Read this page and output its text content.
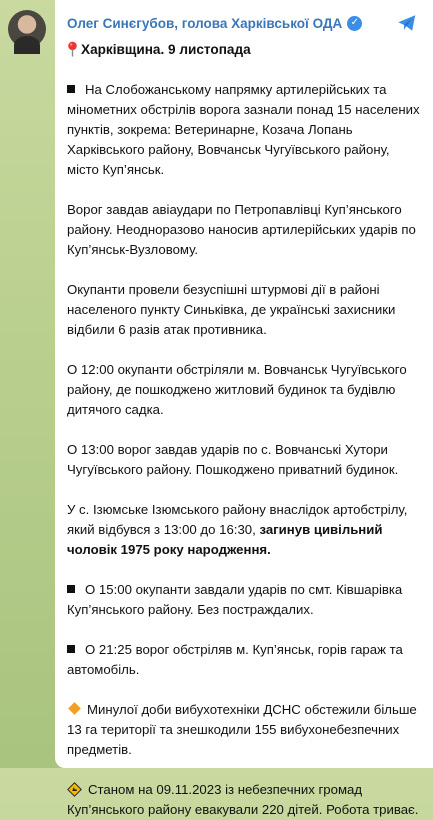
Олег Синєгубов, голова Харківської ОДА ✓
Харківщина. 9 листопада

На Слобожанському напрямку артилерійських та мінометних обстрілів ворога зазнали понад 15 населених пунктів, зокрема: Ветеринарне, Козача Лопань Харківського району, Вовчанськ Чугуївського району, місто Куп’янськ.

Ворог завдав авіаудари по Петропавлівці Куп’янського району. Неодноразово наносив артилерійських ударів по Куп’янськ-Вузловому.

Окупанти провели безуспішні штурмові дії в районі населеного пункту Синьківка, де українські захисники відбили 6 разів атак противника.

О 12:00 окупанти обстріляли м. Вовчанськ Чугуївського району, де пошкоджено житловий будинок та будівлю дитячого садка.

О 13:00 ворог завдав ударів по с. Вовчанські Хутори Чугуївського району. Пошкоджено приватний будинок.

У с. Ізюмське Ізюмського району внаслідок артобстрілу, який відбувся з 13:00 до 16:30, загинув цивільний чоловік 1975 року народження.

О 15:00 окупанти завдали ударів по смт. Ківшарівка Куп’янського району. Без постраждалих.

О 21:25 ворог обстріляв м. Куп’янськ, горів гараж та автомобіль.

Минулої доби вибухотехніки ДСНС обстежили більше 13 га території та знешкодили 155 вибухонебезпечних предметів.

Станом на 09.11.2023 із небезпечних громад Куп’янського району евакували 220 дітей. Робота триває.
